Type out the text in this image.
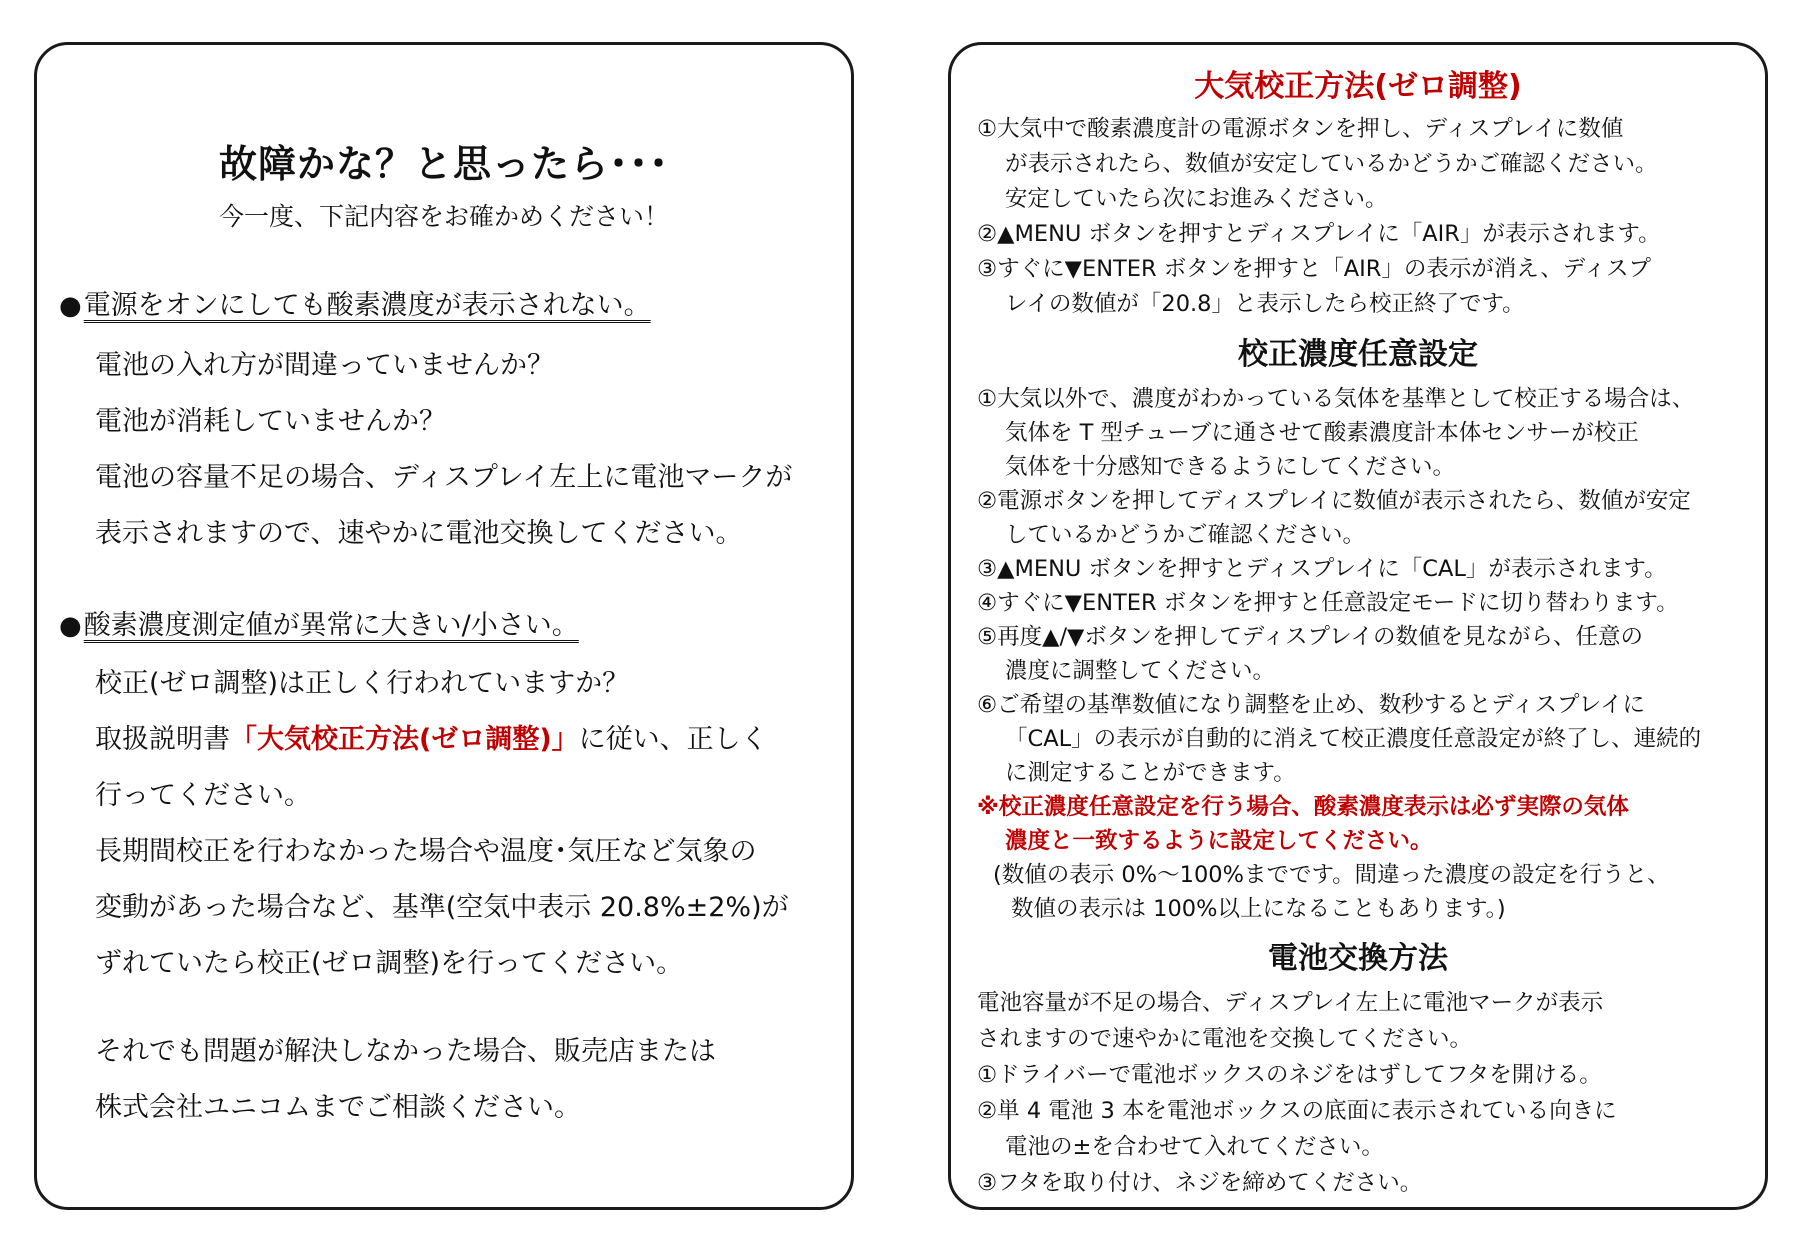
故障かな？と思ったら･･･
今一度、下記内容をお確かめください！
●電源をオンにしても酸素濃度が表示されない。
電池の入れ方が間違っていませんか？
電池が消耗していませんか？
電池の容量不足の場合、ディスプレイ左上に電池マークが
表示されますので、速やかに電池交換してください。
●酸素濃度測定値が異常に大きい/小さい。
校正(ゼロ調整)は正しく行われていますか？
取扱説明書「大気校正方法(ゼロ調整)」に従い、正しく
行ってください。
長期間校正を行わなかった場合や温度･気圧など気象の
変動があった場合など、基準(空気中表示 20.8%±2%)が
ずれていたら校正(ゼロ調整)を行ってください。
それでも問題が解決しなかった場合、販売店または
株式会社ユニコムまでご相談ください。
大気校正方法(ゼロ調整)
①大気中で酸素濃度計の電源ボタンを押し、ディスプレイに数値
が表示されたら、数値が安定しているかどうかご確認ください。
安定していたら次にお進みください。
②▲MENU ボタンを押すとディスプレイに「AIR」が表示されます。
③すぐに▼ENTER ボタンを押すと「AIR」の表示が消え、ディスプ
レイの数値が「20.8」と表示したら校正終了です。
校正濃度任意設定
①大気以外で、濃度がわかっている気体を基準として校正する場合は、
気体を T 型チューブに通させて酸素濃度計本体センサーが校正
気体を十分感知できるようにしてください。
②電源ボタンを押してディスプレイに数値が表示されたら、数値が安定
しているかどうかご確認ください。
③▲MENU ボタンを押すとディスプレイに「CAL」が表示されます。
④すぐに▼ENTER ボタンを押すと任意設定モードに切り替わります。
⑤再度▲/▼ボタンを押してディスプレイの数値を見ながら、任意の
濃度に調整してください。
⑥ご希望の基準数値になり調整を止め、数秒するとディスプレイに
「CAL」の表示が自動的に消えて校正濃度任意設定が終了し、連続的
に測定することができます。
※校正濃度任意設定を行う場合、酸素濃度表示は必ず実際の気体
濃度と一致するように設定してください。
(数値の表示 0%～100%までです。間違った濃度の設定を行うと、
数値の表示は 100%以上になることもあります。)
電池交換方法
電池容量が不足の場合、ディスプレイ左上に電池マークが表示
されますので速やかに電池を交換してください。
①ドライバーで電池ボックスのネジをはずしてフタを開ける。
②単 4 電池 3 本を電池ボックスの底面に表示されている向きに
電池の±を合わせて入れてください。
③フタを取り付け、ネジを締めてください。
